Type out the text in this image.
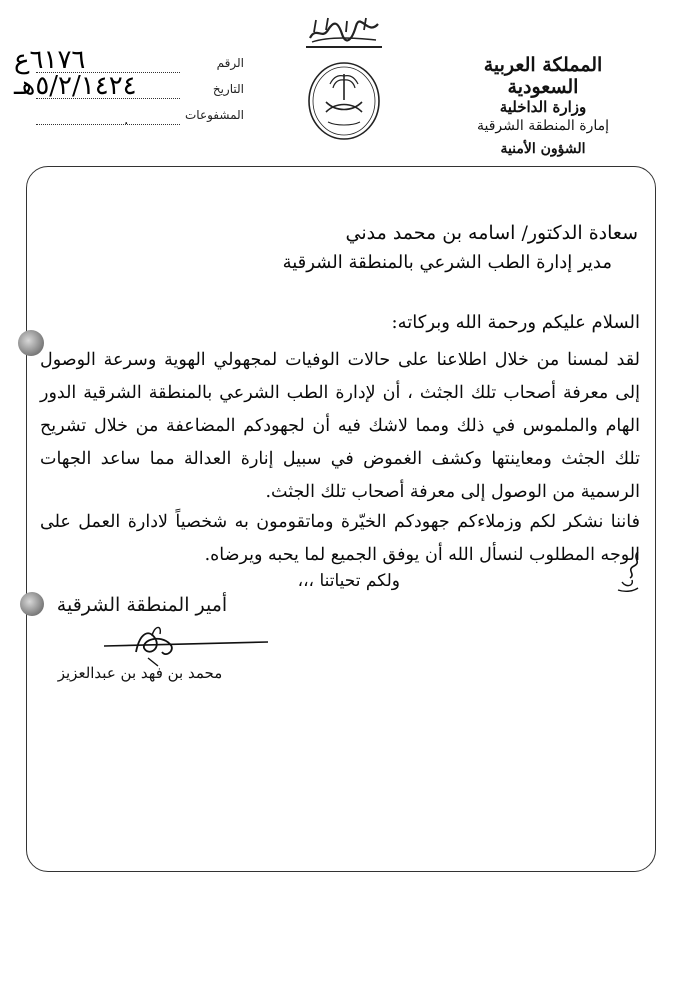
المملكة العربية السعودية
وزارة الداخلية
إمارة المنطقة الشرقية
الشؤون الأمنية
الرقم
٦١٧٦ع
التاريخ
٥/٢/١٤٢٤هـ
المشفوعات
.
سعادة الدكتور/ اسامه بن محمد مدني
مدير إدارة الطب الشرعي بالمنطقة الشرقية
السلام عليكم ورحمة الله وبركاته:
لقد لمسنا من خلال اطلاعنا على حالات الوفيات لمجهولي الهوية وسرعة الوصول إلى معرفة أصحاب تلك الجثث ، أن لإدارة الطب الشرعي بالمنطقة الشرقية الدور الهام والملموس في ذلك ومما لاشك فيه أن لجهودكم المضاعفة من خلال تشريح تلك الجثث ومعاينتها وكشف الغموض في سبيل إنارة العدالة مما ساعد الجهات الرسمية من الوصول إلى معرفة أصحاب تلك الجثث.
فاننا نشكر لكم وزملاءكم جهودكم الخيّرة وماتقومون به شخصياً لادارة العمل على الوجه المطلوب لنسأل الله أن يوفق الجميع لما يحبه ويرضاه.
ولكم تحياتنا ،،،
أمير المنطقة الشرقية
محمد بن فهد بن عبدالعزيز
